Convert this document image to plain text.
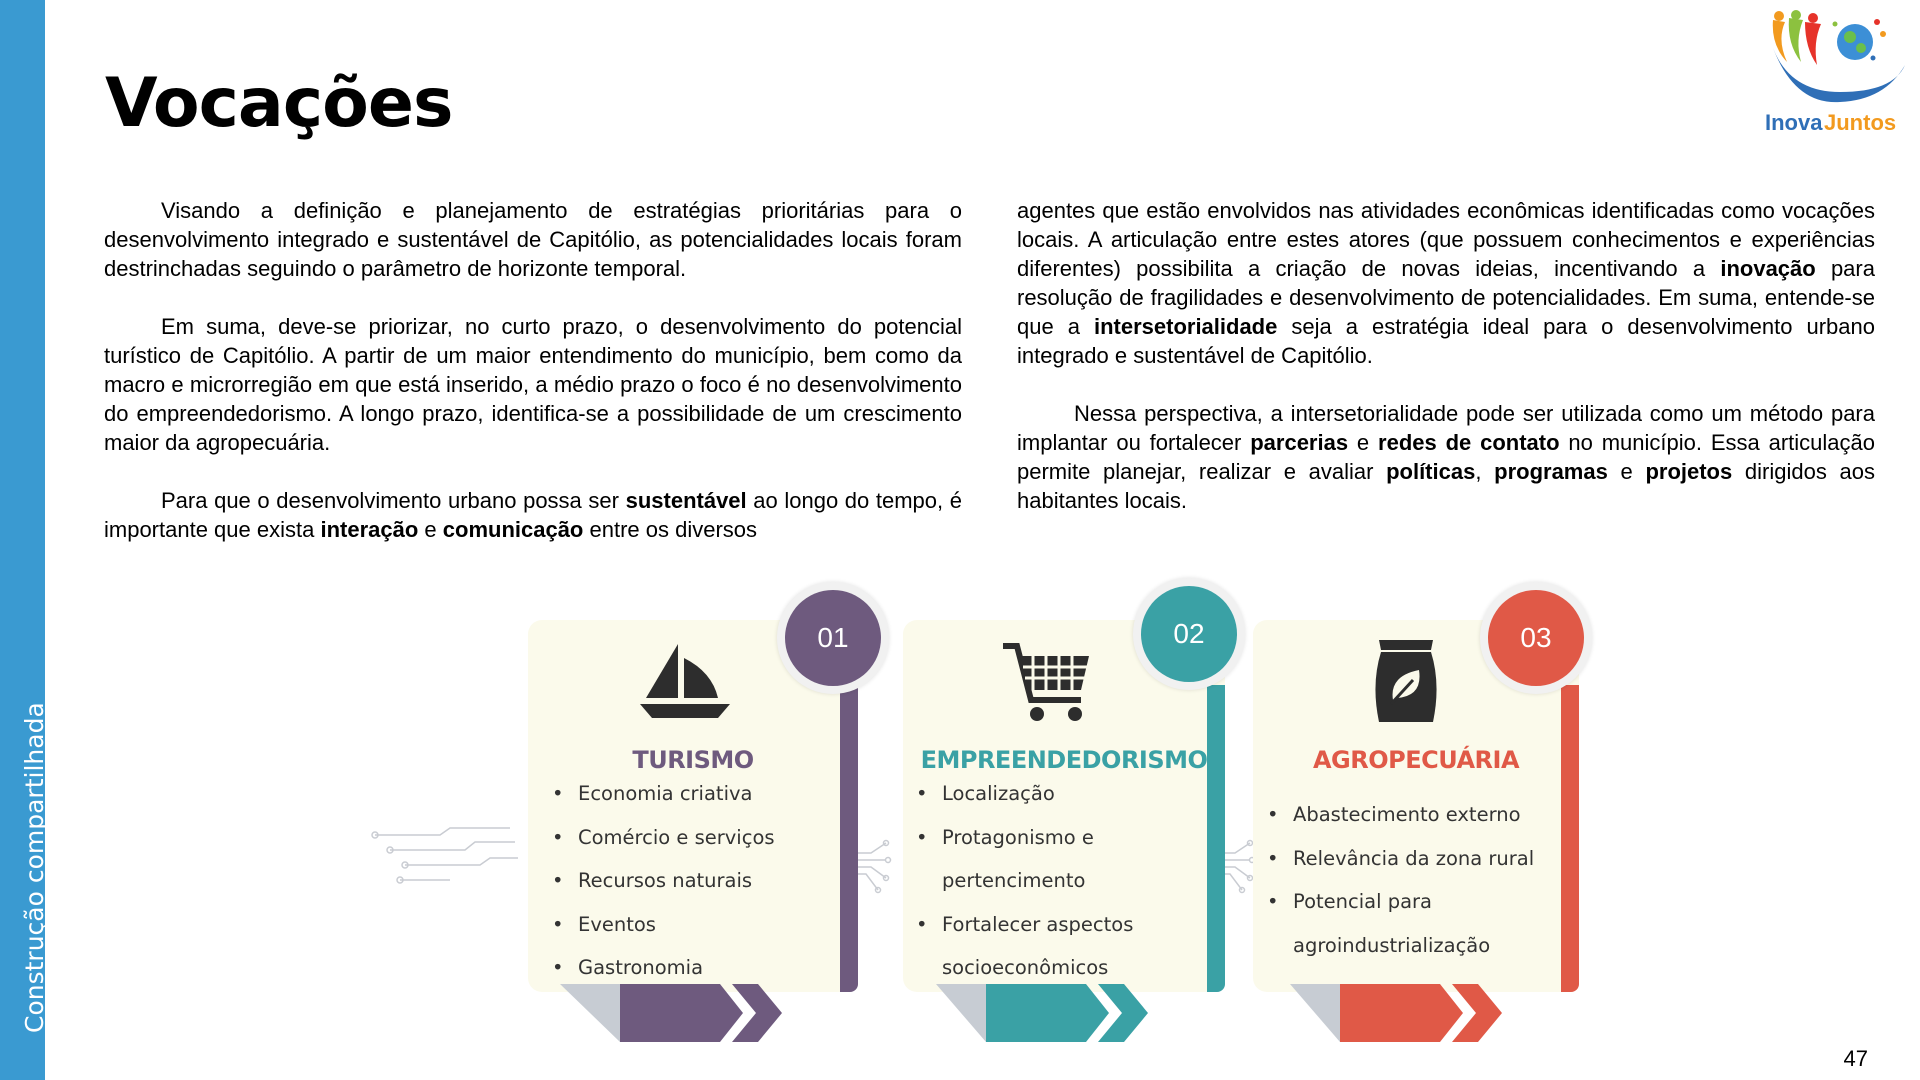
Construção compartilhada
Vocações	Inova Juntos

Visando a definição e planejamento de estratégias prioritárias para o desenvolvimento integrado e sustentável de Capitólio, as potencialidades locais foram destrinchadas seguindo o parâmetro de horizonte temporal.

Em suma, deve-se priorizar, no curto prazo, o desenvolvimento do potencial turístico de Capitólio. A partir de um maior entendimento do município, bem como da macro e microrregião em que está inserido, a médio prazo o foco é no desenvolvimento do empreendedorismo. A longo prazo, identifica-se a possibilidade de um crescimento maior da agropecuária.

Para que o desenvolvimento urbano possa ser sustentável ao longo do tempo, é importante que exista interação e comunicação entre os diversos

agentes que estão envolvidos nas atividades econômicas identificadas como vocações locais. A articulação entre estes atores (que possuem conhecimentos e experiências diferentes) possibilita a criação de novas ideias, incentivando a inovação para resolução de fragilidades e desenvolvimento de potencialidades. Em suma, entende-se que a intersetorialidade seja a estratégia ideal para o desenvolvimento urbano integrado e sustentável de Capitólio.

Nessa perspectiva, a intersetorialidade pode ser utilizada como um método para implantar ou fortalecer parcerias e redes de contato no município. Essa articulação permite planejar, realizar e avaliar políticas, programas e projetos dirigidos aos habitantes locais.

TURISMO
• Economia criativa
• Comércio e serviços
• Recursos naturais
• Eventos
• Gastronomia
01
EMPREENDEDORISMO
• Localização
• Protagonismo e
pertencimento
• Fortalecer aspectos
socioeconômicos
02
AGROPECUÁRIA
• Abastecimento externo
• Relevância da zona rural
• Potencial para
agroindustrialização
03
47
